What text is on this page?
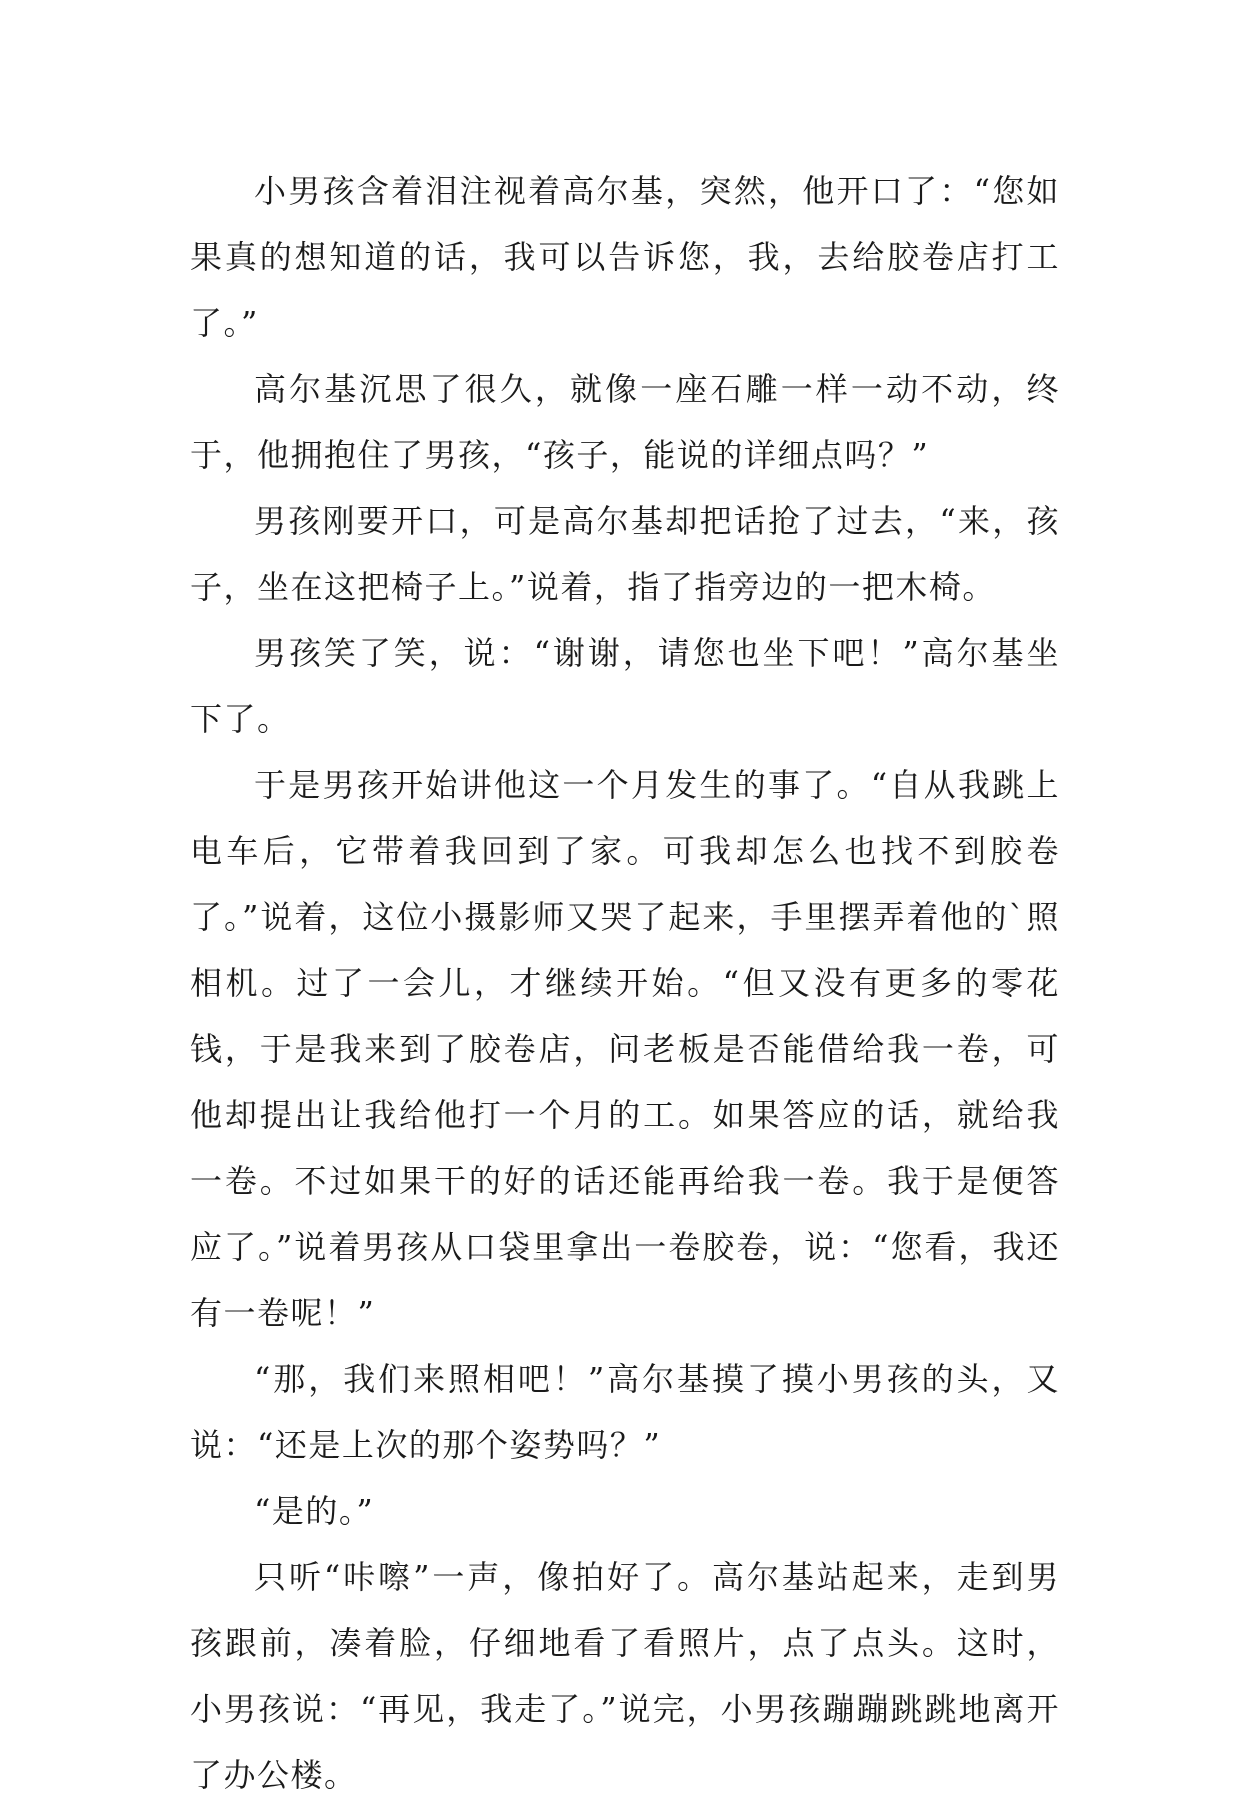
小男孩含着泪注视着高尔基，突然，他开口了：“您如果真的想知道的话，我可以告诉您，我，去给胶卷店打工了。”

高尔基沉思了很久，就像一座石雕一样一动不动，终于，他拥抱住了男孩，“孩子，能说的详细点吗？”

男孩刚要开口，可是高尔基却把话抢了过去，“来，孩子，坐在这把椅子上。”说着，指了指旁边的一把木椅。

男孩笑了笑，说：“谢谢，请您也坐下吧！”高尔基坐下了。

于是男孩开始讲他这一个月发生的事了。“自从我跳上电车后，它带着我回到了家。可我却怎么也找不到胶卷了。”说着，这位小摄影师又哭了起来，手里摆弄着他的`照相机。过了一会儿，才继续开始。“但又没有更多的零花钱，于是我来到了胶卷店，问老板是否能借给我一卷，可他却提出让我给他打一个月的工。如果答应的话，就给我一卷。不过如果干的好的话还能再给我一卷。我于是便答应了。”说着男孩从口袋里拿出一卷胶卷，说：“您看，我还有一卷呢！”

“那，我们来照相吧！”高尔基摸了摸小男孩的头，又说：“还是上次的那个姿势吗？”

“是的。”

只听“咔嚓”一声，像拍好了。高尔基站起来，走到男孩跟前，凑着脸，仔细地看了看照片，点了点头。这时，小男孩说：“再见，我走了。”说完，小男孩蹦蹦跳跳地离开了办公楼。
